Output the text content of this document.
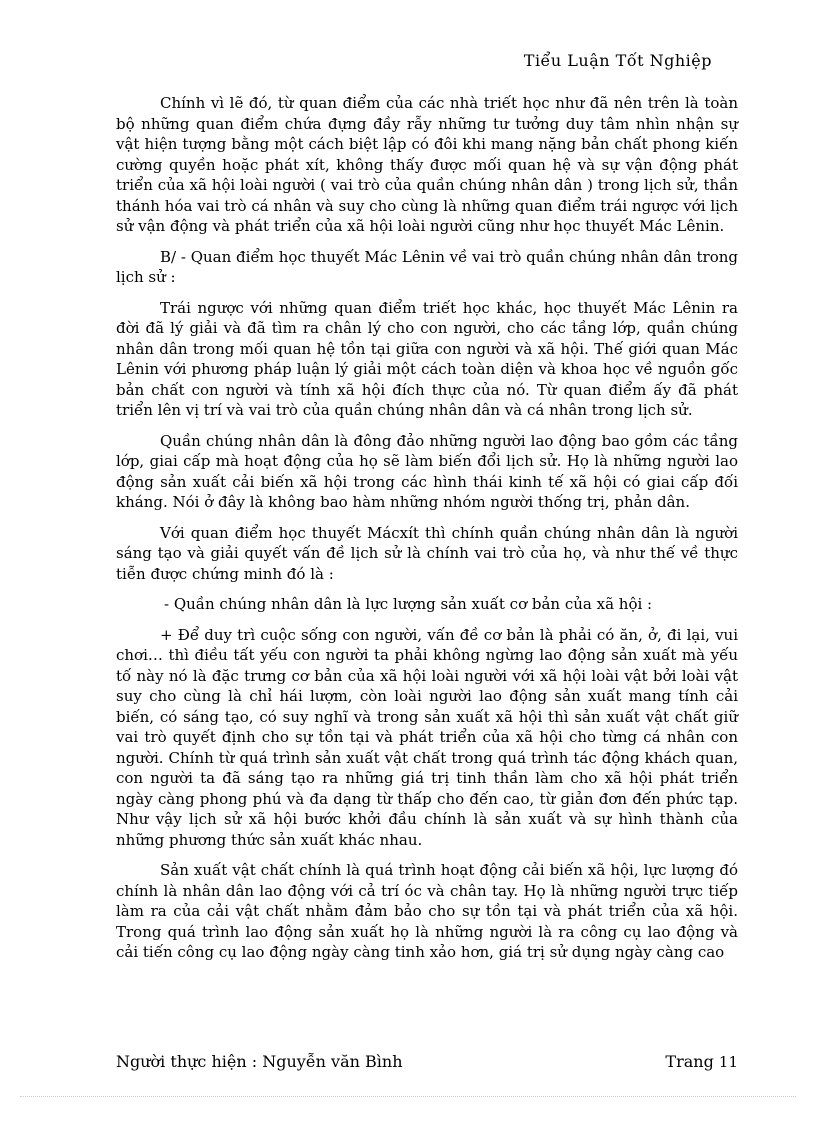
Tiểu Luận Tốt Nghiệp

Chính vì lẽ đó, từ quan điểm của các nhà triết học như đã nên trên là toàn bộ những quan điểm chứa đựng đầy rẫy những tư tưởng duy tâm nhìn nhận sự vật hiện tượng bằng một cách biệt lập có đôi khi mang nặng bản chất phong kiến cường quyền hoặc phát xít, không thấy được mối quan hệ và sự vận động phát triển của xã hội loài người ( vai trò của quần chúng nhân dân ) trong lịch sử, thần thánh hóa vai trò cá nhân và suy cho cùng là những quan điểm trái ngược với lịch sử vận động và phát triển của xã hội loài người cũng như học thuyết Mác Lênin.

B/ - Quan điểm học thuyết Mác Lênin về vai trò quần chúng nhân dân trong lịch sử :

Trái ngược với những quan điểm triết học khác, học thuyết Mác Lênin ra đời đã lý giải và đã tìm ra chân lý cho con người, cho các tầng lớp, quần chúng nhân dân trong mối quan hệ tồn tại giữa con người và xã hội. Thế giới quan Mác Lênin với phương pháp luận lý giải một cách toàn diện và khoa học về nguồn gốc bản chất con người và tính xã hội đích thực của nó. Từ quan điểm ấy đã phát triển lên vị trí và vai trò của quần chúng nhân dân và cá nhân trong lịch sử.

Quần chúng nhân dân là đông đảo những người lao động bao gồm các tầng lớp, giai cấp mà hoạt động của họ sẽ làm biến đổi lịch sử. Họ là những người lao động sản xuất cải biến xã hội trong các hình thái kinh tế xã hội có giai cấp đối kháng. Nói ở đây là không bao hàm những nhóm người thống trị, phản dân.

Với quan điểm học thuyết Mácxít thì chính quần chúng nhân dân là người sáng tạo và giải quyết vấn đề lịch sử là chính vai trò của họ, và như thế về thực tiễn được chứng minh đó là :

- Quần chúng nhân dân là lực lượng sản xuất cơ bản của xã hội :

+ Để duy trì cuộc sống con người, vấn đề cơ bản là phải có ăn, ở, đi lại, vui chơi… thì điều tất yếu con người ta phải không ngừng lao động sản xuất mà yếu tố này nó là đặc trưng cơ bản của xã hội loài người với xã hội loài vật bởi loài vật suy cho cùng là chỉ hái lượm, còn loài người lao động sản xuất mang tính cải biến, có sáng tạo, có suy nghĩ và trong sản xuất xã hội thì sản xuất vật chất giữ vai trò quyết định cho sự tồn tại và phát triển của xã hội cho từng cá nhân con người. Chính từ quá trình sản xuất vật chất trong quá trình tác động khách quan, con người ta đã sáng tạo ra những giá trị tinh thần làm cho xã hội phát triển ngày càng phong phú và đa dạng từ thấp cho đến cao, từ giản đơn đến phức tạp. Như vậy lịch sử xã hội bước khởi đầu chính là sản xuất và sự hình thành của những phương thức sản xuất khác nhau.

Sản xuất vật chất chính là quá trình hoạt động cải biến xã hội, lực lượng đó chính là nhân dân lao động với cả trí óc và chân tay. Họ là những người trực tiếp làm ra của cải vật chất nhằm đảm bảo cho sự tồn tại và phát triển của xã hội. Trong quá trình lao động sản xuất họ là những người là ra công cụ lao động và cải tiến công cụ lao động ngày càng tinh xảo hơn, giá trị sử dụng ngày càng cao

Người thực hiện : Nguyễn văn Bình	Trang 11
